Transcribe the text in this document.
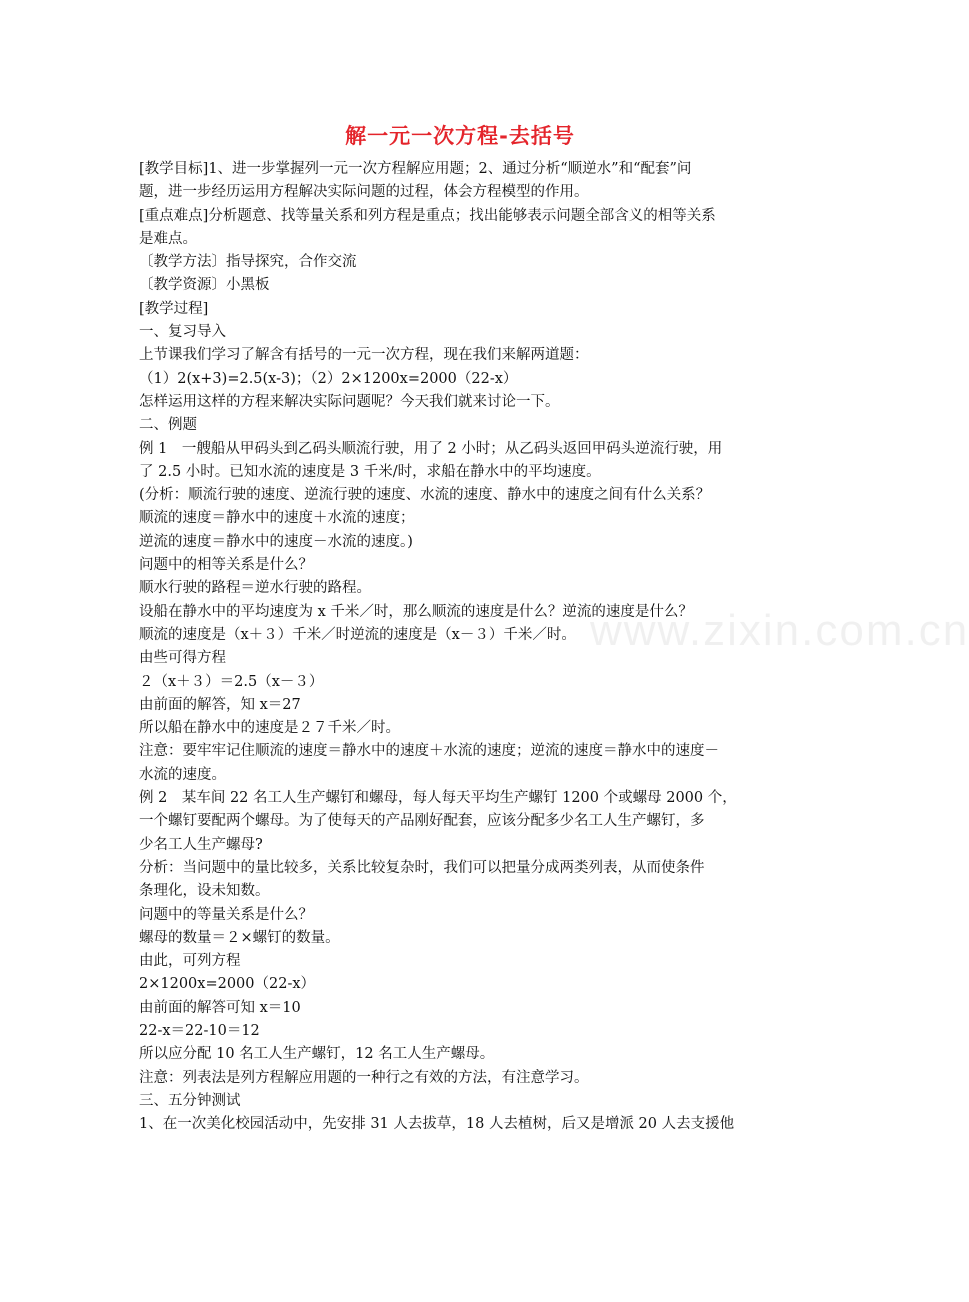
www.zixin.com.cn
解一元一次方程-去括号
[教学目标]1、进一步掌握列一元一次方程解应用题；2、通过分析“顺逆水”和“配套”问
题，进一步经历运用方程解决实际问题的过程，体会方程模型的作用。
[重点难点]分析题意、找等量关系和列方程是重点；找出能够表示问题全部含义的相等关系
是难点。
〔教学方法〕指导探究，合作交流
〔教学资源〕小黑板
[教学过程]
一、复习导入
上节课我们学习了解含有括号的一元一次方程，现在我们来解两道题：
（1）2(x+3)=2.5(x-3)；（2）2×1200x=2000（22-x）
怎样运用这样的方程来解决实际问题呢？今天我们就来讨论一下。
二、例题
例 1　一艘船从甲码头到乙码头顺流行驶，用了 2 小时；从乙码头返回甲码头逆流行驶，用
了 2.5 小时。已知水流的速度是 3 千米/时，求船在静水中的平均速度。
(分析：顺流行驶的速度、逆流行驶的速度、水流的速度、静水中的速度之间有什么关系？
顺流的速度＝静水中的速度＋水流的速度；
逆流的速度＝静水中的速度－水流的速度。)
问题中的相等关系是什么？
顺水行驶的路程＝逆水行驶的路程。
设船在静水中的平均速度为 x 千米／时，那么顺流的速度是什么？逆流的速度是什么？
顺流的速度是（x＋３）千米／时逆流的速度是（x－３）千米／时。
由些可得方程
２（x＋３）＝2.5（x－３）
由前面的解答，知 x＝27
所以船在静水中的速度是２７千米／时。
注意：要牢牢记住顺流的速度＝静水中的速度＋水流的速度；逆流的速度＝静水中的速度－
水流的速度。
例 2　某车间 22 名工人生产螺钉和螺母，每人每天平均生产螺钉 1200 个或螺母 2000 个，
一个螺钉要配两个螺母。为了使每天的产品刚好配套，应该分配多少名工人生产螺钉，多
少名工人生产螺母?
分析：当问题中的量比较多，关系比较复杂时，我们可以把量分成两类列表，从而使条件
条理化，设未知数。
问题中的等量关系是什么？
螺母的数量＝２×螺钉的数量。
由此，可列方程
2×1200x=2000（22-x）
由前面的解答可知 x＝10
22-x＝22-10＝12
所以应分配 10 名工人生产螺钉，12 名工人生产螺母。
注意：列表法是列方程解应用题的一种行之有效的方法，有注意学习。
三、五分钟测试
1、在一次美化校园活动中，先安排 31 人去拔草，18 人去植树，后又是增派 20 人去支援他
